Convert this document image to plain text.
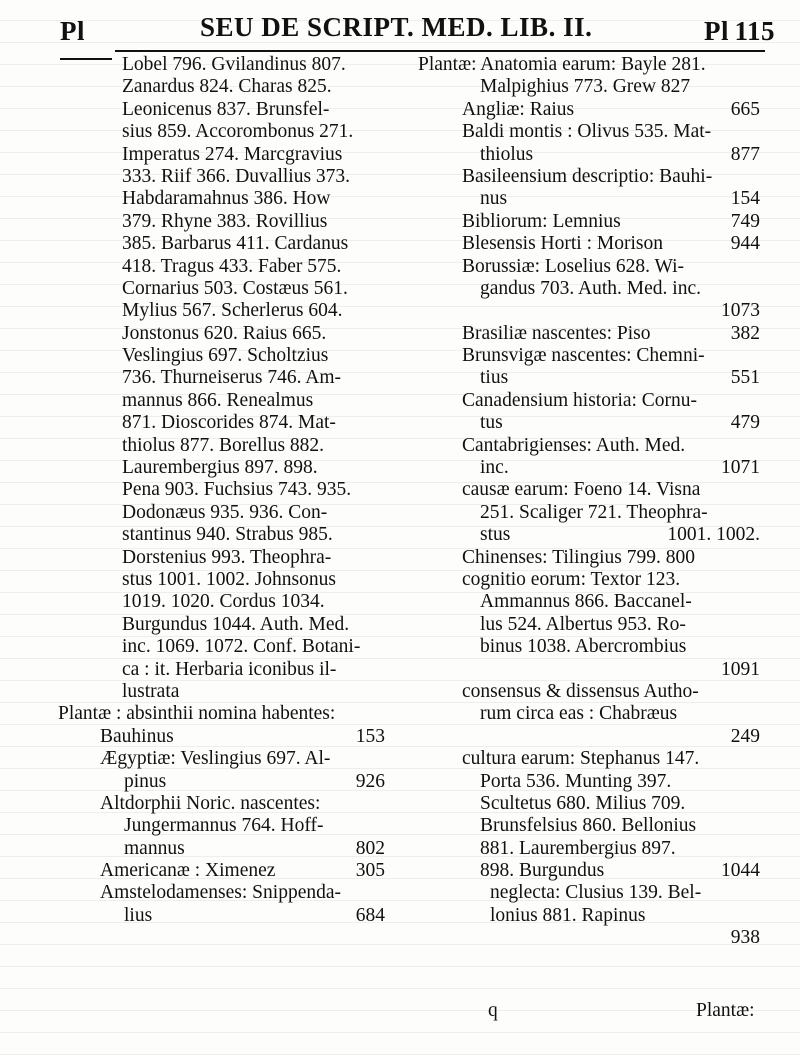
Pl	SEU DE SCRIPT. MED. LIB. II.	Pl 115
Lobel 796. Gvilandinus 807.
Zanardus 824. Charas 825.
Leonicenus 837. Brunsfel-
sius 859. Accorombonus 271.
Imperatus 274. Marcgravius
333. Riif 366. Duvallius 373.
Habdaramahnus 386. How
379. Rhyne 383. Rovillius
385. Barbarus 411. Cardanus
418. Tragus 433. Faber 575.
Cornarius 503. Costæus 561.
Mylius 567. Scherlerus 604.
Jonstonus 620. Raius 665.
Veslingius 697. Scholtzius
736. Thurneiserus 746. Am-
mannus 866. Renealmus
871. Dioscorides 874. Mat-
thiolus 877. Borellus 882.
Laurembergius 897. 898.
Pena 903. Fuchsius 743. 935.
Dodonæus 935. 936. Con-
stantinus 940. Strabus 985.
Dorstenius 993. Theophra-
stus 1001. 1002. Johnsonus
1019. 1020. Cordus 1034.
Burgundus 1044. Auth. Med.
inc. 1069. 1072. Conf. Botani-
ca : it. Herbaria iconibus il-
lustrata
Plantæ : absinthii nomina habentes:
Bauhinus	153
Ægyptiæ: Veslingius 697. Al-
pinus	926
Altdorphii Noric. nascentes:
Jungermannus 764. Hoff-
mannus	802
Americanæ : Ximenez	305
Amstelodamenses: Snippenda-
lius	684
Plantæ: Anatomia earum: Bayle 281.
Malpighius 773. Grew 827
Angliæ: Raius	665
Baldi montis : Olivus 535. Mat-
thiolus	877
Basileensium descriptio: Bauhi-
nus	154
Bibliorum: Lemnius	749
Blesensis Horti : Morison	944
Borussiæ: Loselius 628. Wi-
gandus 703. Auth. Med. inc.
1073
Brasiliæ nascentes: Piso	382
Brunsvigæ nascentes: Chemni-
tius	551
Canadensium historia: Cornu-
tus	479
Cantabrigienses: Auth. Med.
inc.	1071
causæ earum: Foeno 14. Visna
251. Scaliger 721. Theophra-
stus	1001. 1002.
Chinenses: Tilingius 799. 800
cognitio eorum: Textor 123.
Ammannus 866. Baccanel-
lus 524. Albertus 953. Ro-
binus 1038. Abercrombius
1091
consensus & dissensus Autho-
rum circa eas : Chabræus
249
cultura earum: Stephanus 147.
Porta 536. Munting 397.
Scultetus 680. Milius 709.
Brunsfelsius 860. Bellonius
881. Laurembergius 897.
898. Burgundus	1044
neglecta: Clusius 139. Bel-
lonius 881. Rapinus
938
q	Plantæ:
